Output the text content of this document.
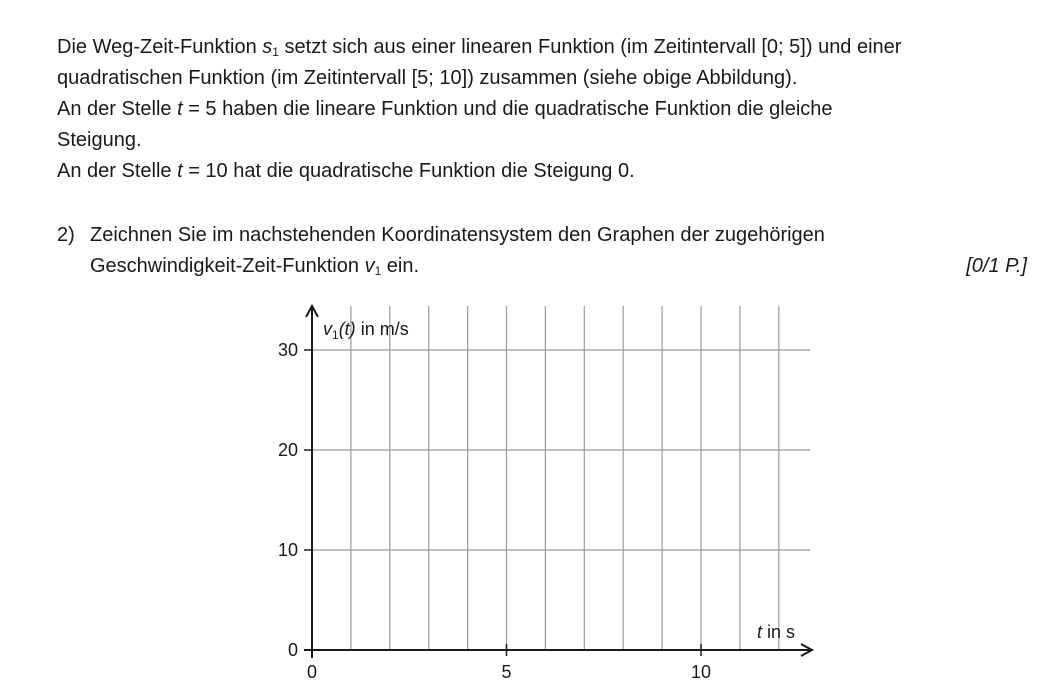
Die Weg-Zeit-Funktion $s_1$ setzt sich aus einer linearen Funktion (im Zeitintervall [0; 5]) und einer
quadratischen Funktion (im Zeitintervall [5; 10]) zusammen (siehe obige Abbildung).
An der Stelle t = 5 haben die lineare Funktion und die quadratische Funktion die gleiche
Steigung.
An der Stelle t = 10 hat die quadratische Funktion die Steigung 0.
2) Zeichnen Sie im nachstehenden Koordinatensystem den Graphen der zugehörigen
Geschwindigkeit-Zeit-Funktion $v_1$ ein.	[0/1 P.]
0
10
20
30
0	5	10
$v_1(t)$ in m/s
t in s
